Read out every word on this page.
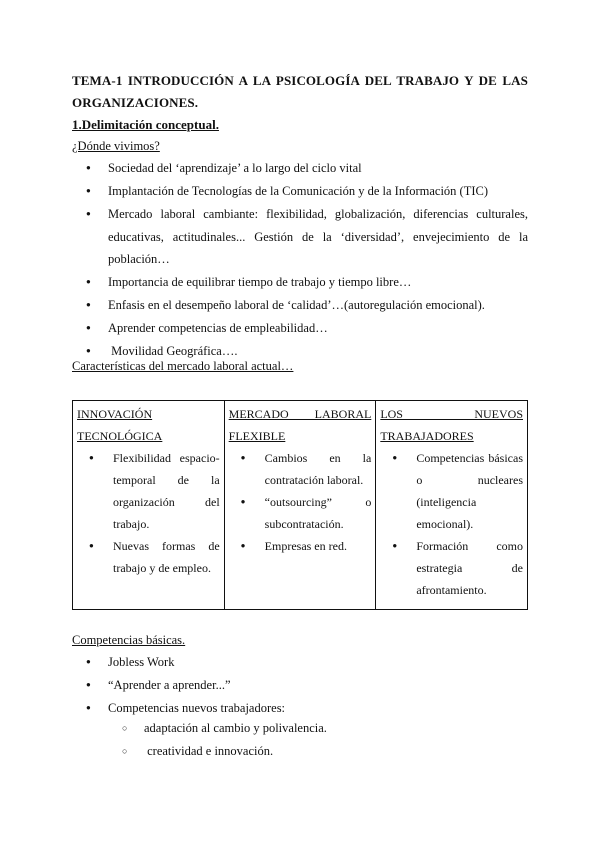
TEMA-1 INTRODUCCIÓN A LA PSICOLOGÍA DEL TRABAJO Y DE LAS ORGANIZACIONES.
1.Delimitación conceptual.
¿Dónde vivimos?
● Sociedad del ‘aprendizaje’ a lo largo del ciclo vital
● Implantación de Tecnologías de la Comunicación y de la Información (TIC)
● Mercado laboral cambiante: flexibilidad, globalización, diferencias culturales, educativas, actitudinales... Gestión de la ‘diversidad’, envejecimiento de la población…
● Importancia de equilibrar tiempo de trabajo y tiempo libre…
● Enfasis en el desempeño laboral de ‘calidad’…(autoregulación emocional).
● Aprender competencias de empleabilidad…
●  Movilidad Geográfica….
Características del mercado laboral actual…
INNOVACIÓN TECNOLÓGICA
● Flexibilidad espacio-temporal de la organización del trabajo.
● Nuevas formas de trabajo y de empleo.

MERCADO LABORAL FLEXIBLE
● Cambios en la contratación laboral.
● “outsourcing” o subcontratación.
● Empresas en red.

LOS NUEVOS TRABAJADORES
● Competencias básicas o nucleares (inteligencia emocional).
● Formación como estrategia de afrontamiento.
Competencias básicas.
● Jobless Work
● “Aprender a aprender...”
● Competencias nuevos trabajadores:
○ adaptación al cambio y polivalencia.
○  creatividad e innovación.
